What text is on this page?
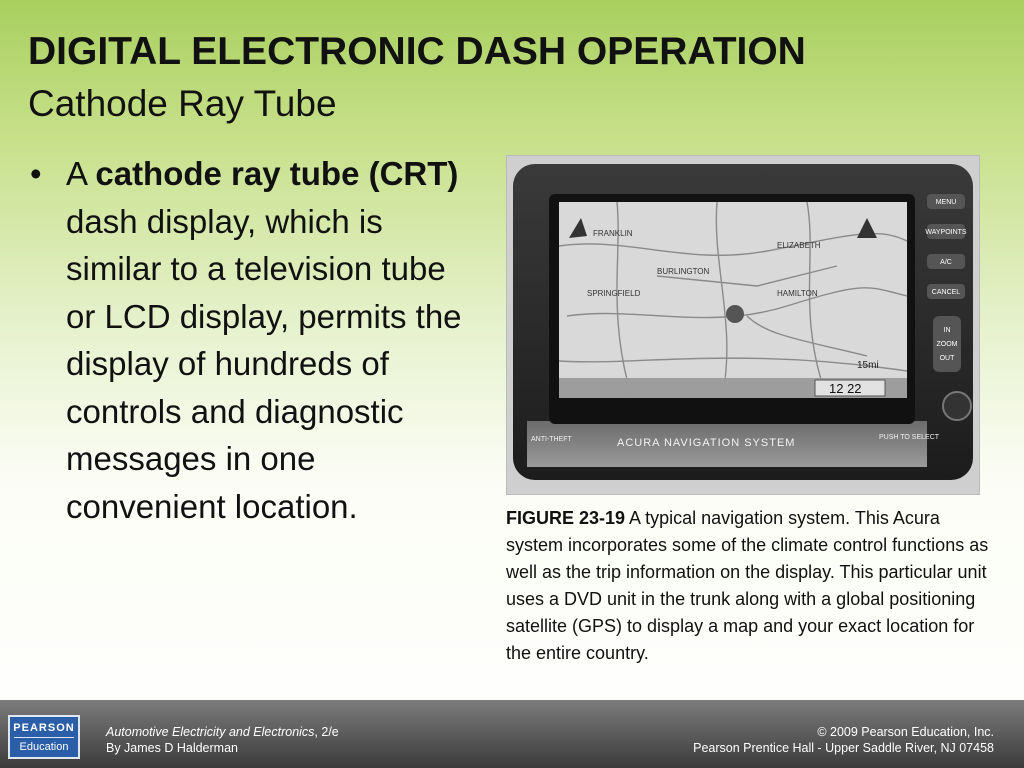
DIGITAL ELECTRONIC DASH OPERATION
Cathode Ray Tube
• A cathode ray tube (CRT) dash display, which is similar to a television tube or LCD display, permits the display of hundreds of controls and diagnostic messages in one convenient location.
FRANKLIN
ELIZABETH
BURLINGTON
SPRINGFIELD	HAMILTON
12 22
15mi
MENU
WAYPOINTS
A/C
CANCEL
IN
ZOOM
OUT
ANTI-THEFT	ACURA NAVIGATION SYSTEM	PUSH TO SELECT
FIGURE 23-19 A typical navigation system. This Acura system incorporates some of the climate control functions as well as the trip information on the display. This particular unit uses a DVD unit in the trunk along with a global positioning satellite (GPS) to display a map and your exact location for the entire country.
PEARSON
Education
Automotive Electricity and Electronics, 2/e
By James D Halderman
© 2009 Pearson Education, Inc.
Pearson Prentice Hall - Upper Saddle River, NJ 07458
